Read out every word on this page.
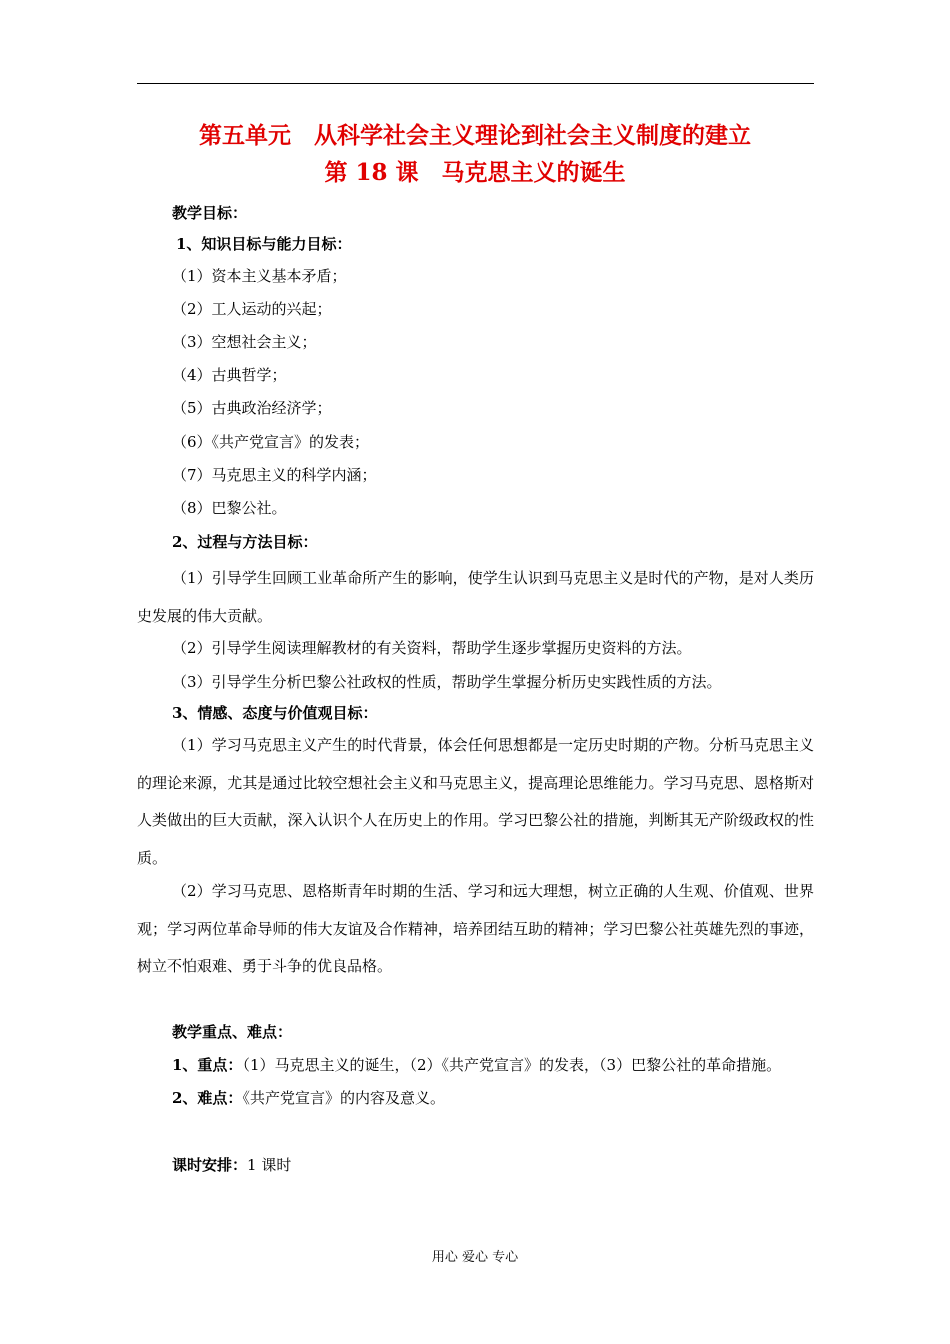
第五单元　从科学社会主义理论到社会主义制度的建立
第 18 课　马克思主义的诞生
教学目标：
1、知识目标与能力目标：
（1）资本主义基本矛盾；
（2）工人运动的兴起；
（3）空想社会主义；
（4）古典哲学；
（5）古典政治经济学；
（6）《共产党宣言》的发表；
（7）马克思主义的科学内涵；
（8）巴黎公社。
2、过程与方法目标：
（1）引导学生回顾工业革命所产生的影响，使学生认识到马克思主义是时代的产物，是对人类历史发展的伟大贡献。
（2）引导学生阅读理解教材的有关资料，帮助学生逐步掌握历史资料的方法。
（3）引导学生分析巴黎公社政权的性质，帮助学生掌握分析历史实践性质的方法。
3、情感、态度与价值观目标：
（1）学习马克思主义产生的时代背景，体会任何思想都是一定历史时期的产物。分析马克思主义的理论来源，尤其是通过比较空想社会主义和马克思主义，提高理论思维能力。学习马克思、恩格斯对人类做出的巨大贡献，深入认识个人在历史上的作用。学习巴黎公社的措施，判断其无产阶级政权的性质。
（2）学习马克思、恩格斯青年时期的生活、学习和远大理想，树立正确的人生观、价值观、世界观；学习两位革命导师的伟大友谊及合作精神，培养团结互助的精神；学习巴黎公社英雄先烈的事迹，树立不怕艰难、勇于斗争的优良品格。
教学重点、难点：
1、重点：（1）马克思主义的诞生，（2）《共产党宣言》的发表，（3）巴黎公社的革命措施。
2、难点：《共产党宣言》的内容及意义。
课时安排：1 课时
用心 爱心 专心
